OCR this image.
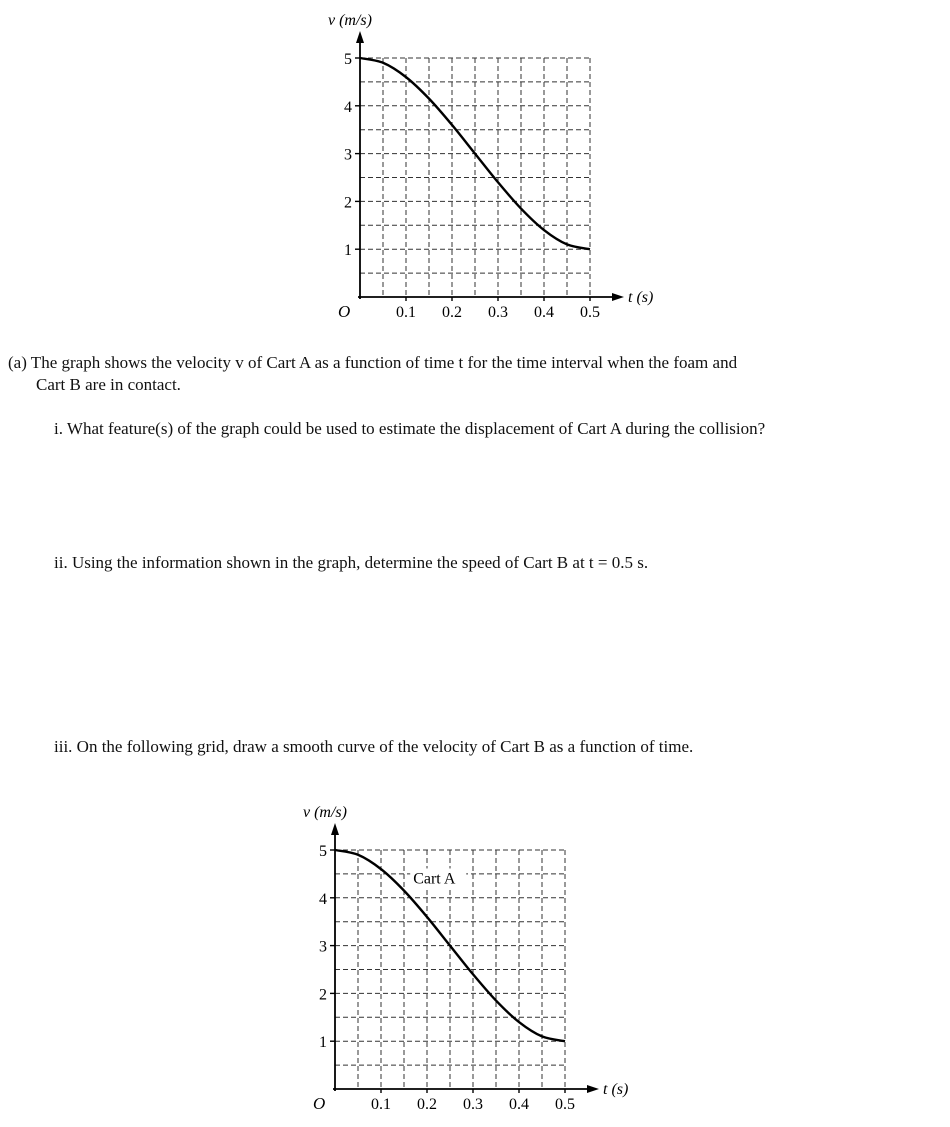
v (m/s)
t (s)
O
1
2
3
4
5
0.1 0.2 0.3 0.4 0.5
(a) The graph shows the velocity v of Cart A as a function of time t for the time interval when the foam and
Cart B are in contact.
i. What feature(s) of the graph could be used to estimate the displacement of Cart A during the collision?
ii. Using the information shown in the graph, determine the speed of Cart B at t = 0.5 s.
iii. On the following grid, draw a smooth curve of the velocity of Cart B as a function of time.
v (m/s)
t (s)
O
1
2
3
4
5
0.1 0.2 0.3 0.4 0.5
Cart A
